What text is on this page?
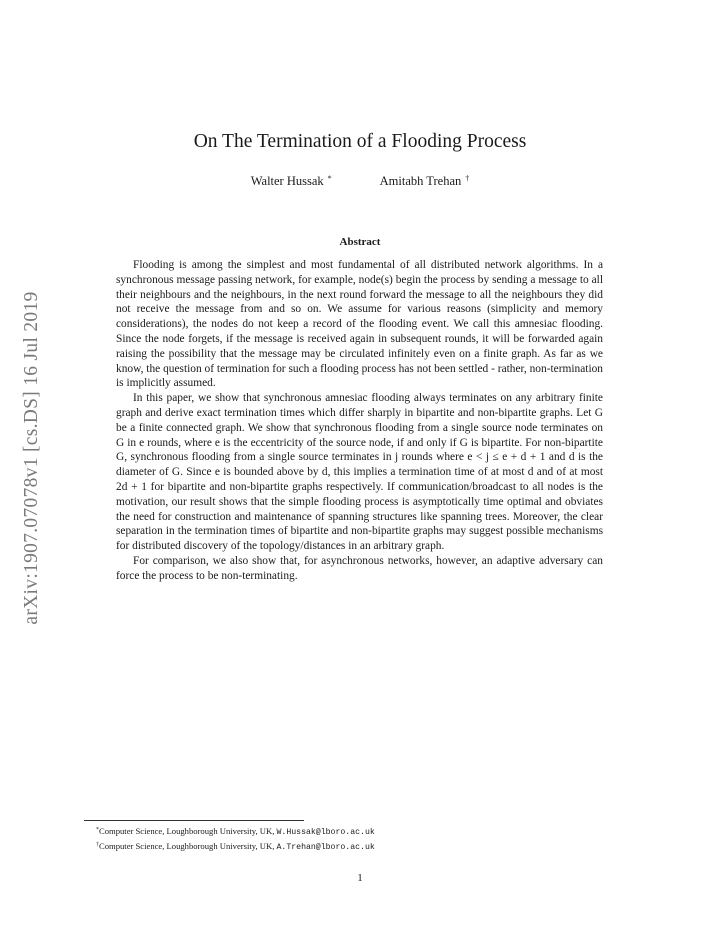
arXiv:1907.07078v1 [cs.DS] 16 Jul 2019
On The Termination of a Flooding Process
Walter Hussak *	Amitabh Trehan †
Abstract

Flooding is among the simplest and most fundamental of all distributed network algorithms. In a synchronous message passing network, for example, node(s) begin the process by sending a message to all their neighbours and the neighbours, in the next round forward the message to all the neighbours they did not receive the message from and so on. We assume for various reasons (simplicity and memory considerations), the nodes do not keep a record of the flooding event. We call this amnesiac flooding. Since the node forgets, if the message is received again in subsequent rounds, it will be forwarded again raising the possibility that the message may be circulated infinitely even on a finite graph. As far as we know, the question of termination for such a flooding process has not been settled - rather, non-termination is implicitly assumed.

In this paper, we show that synchronous amnesiac flooding always terminates on any arbitrary finite graph and derive exact termination times which differ sharply in bipartite and non-bipartite graphs. Let G be a finite connected graph. We show that synchronous flooding from a single source node terminates on G in e rounds, where e is the eccentricity of the source node, if and only if G is bipartite. For non-bipartite G, synchronous flooding from a single source terminates in j rounds where e < j ≤ e + d + 1 and d is the diameter of G. Since e is bounded above by d, this implies a termination time of at most d and of at most 2d + 1 for bipartite and non-bipartite graphs respectively. If communication/broadcast to all nodes is the motivation, our result shows that the simple flooding process is asymptotically time optimal and obviates the need for construction and maintenance of spanning structures like spanning trees. Moreover, the clear separation in the termination times of bipartite and non-bipartite graphs may suggest possible mechanisms for distributed discovery of the topology/distances in an arbitrary graph.

For comparison, we also show that, for asynchronous networks, however, an adaptive adversary can force the process to be non-terminating.

*Computer Science, Loughborough University, UK, W.Hussak@lboro.ac.uk
†Computer Science, Loughborough University, UK, A.Trehan@lboro.ac.uk
1
